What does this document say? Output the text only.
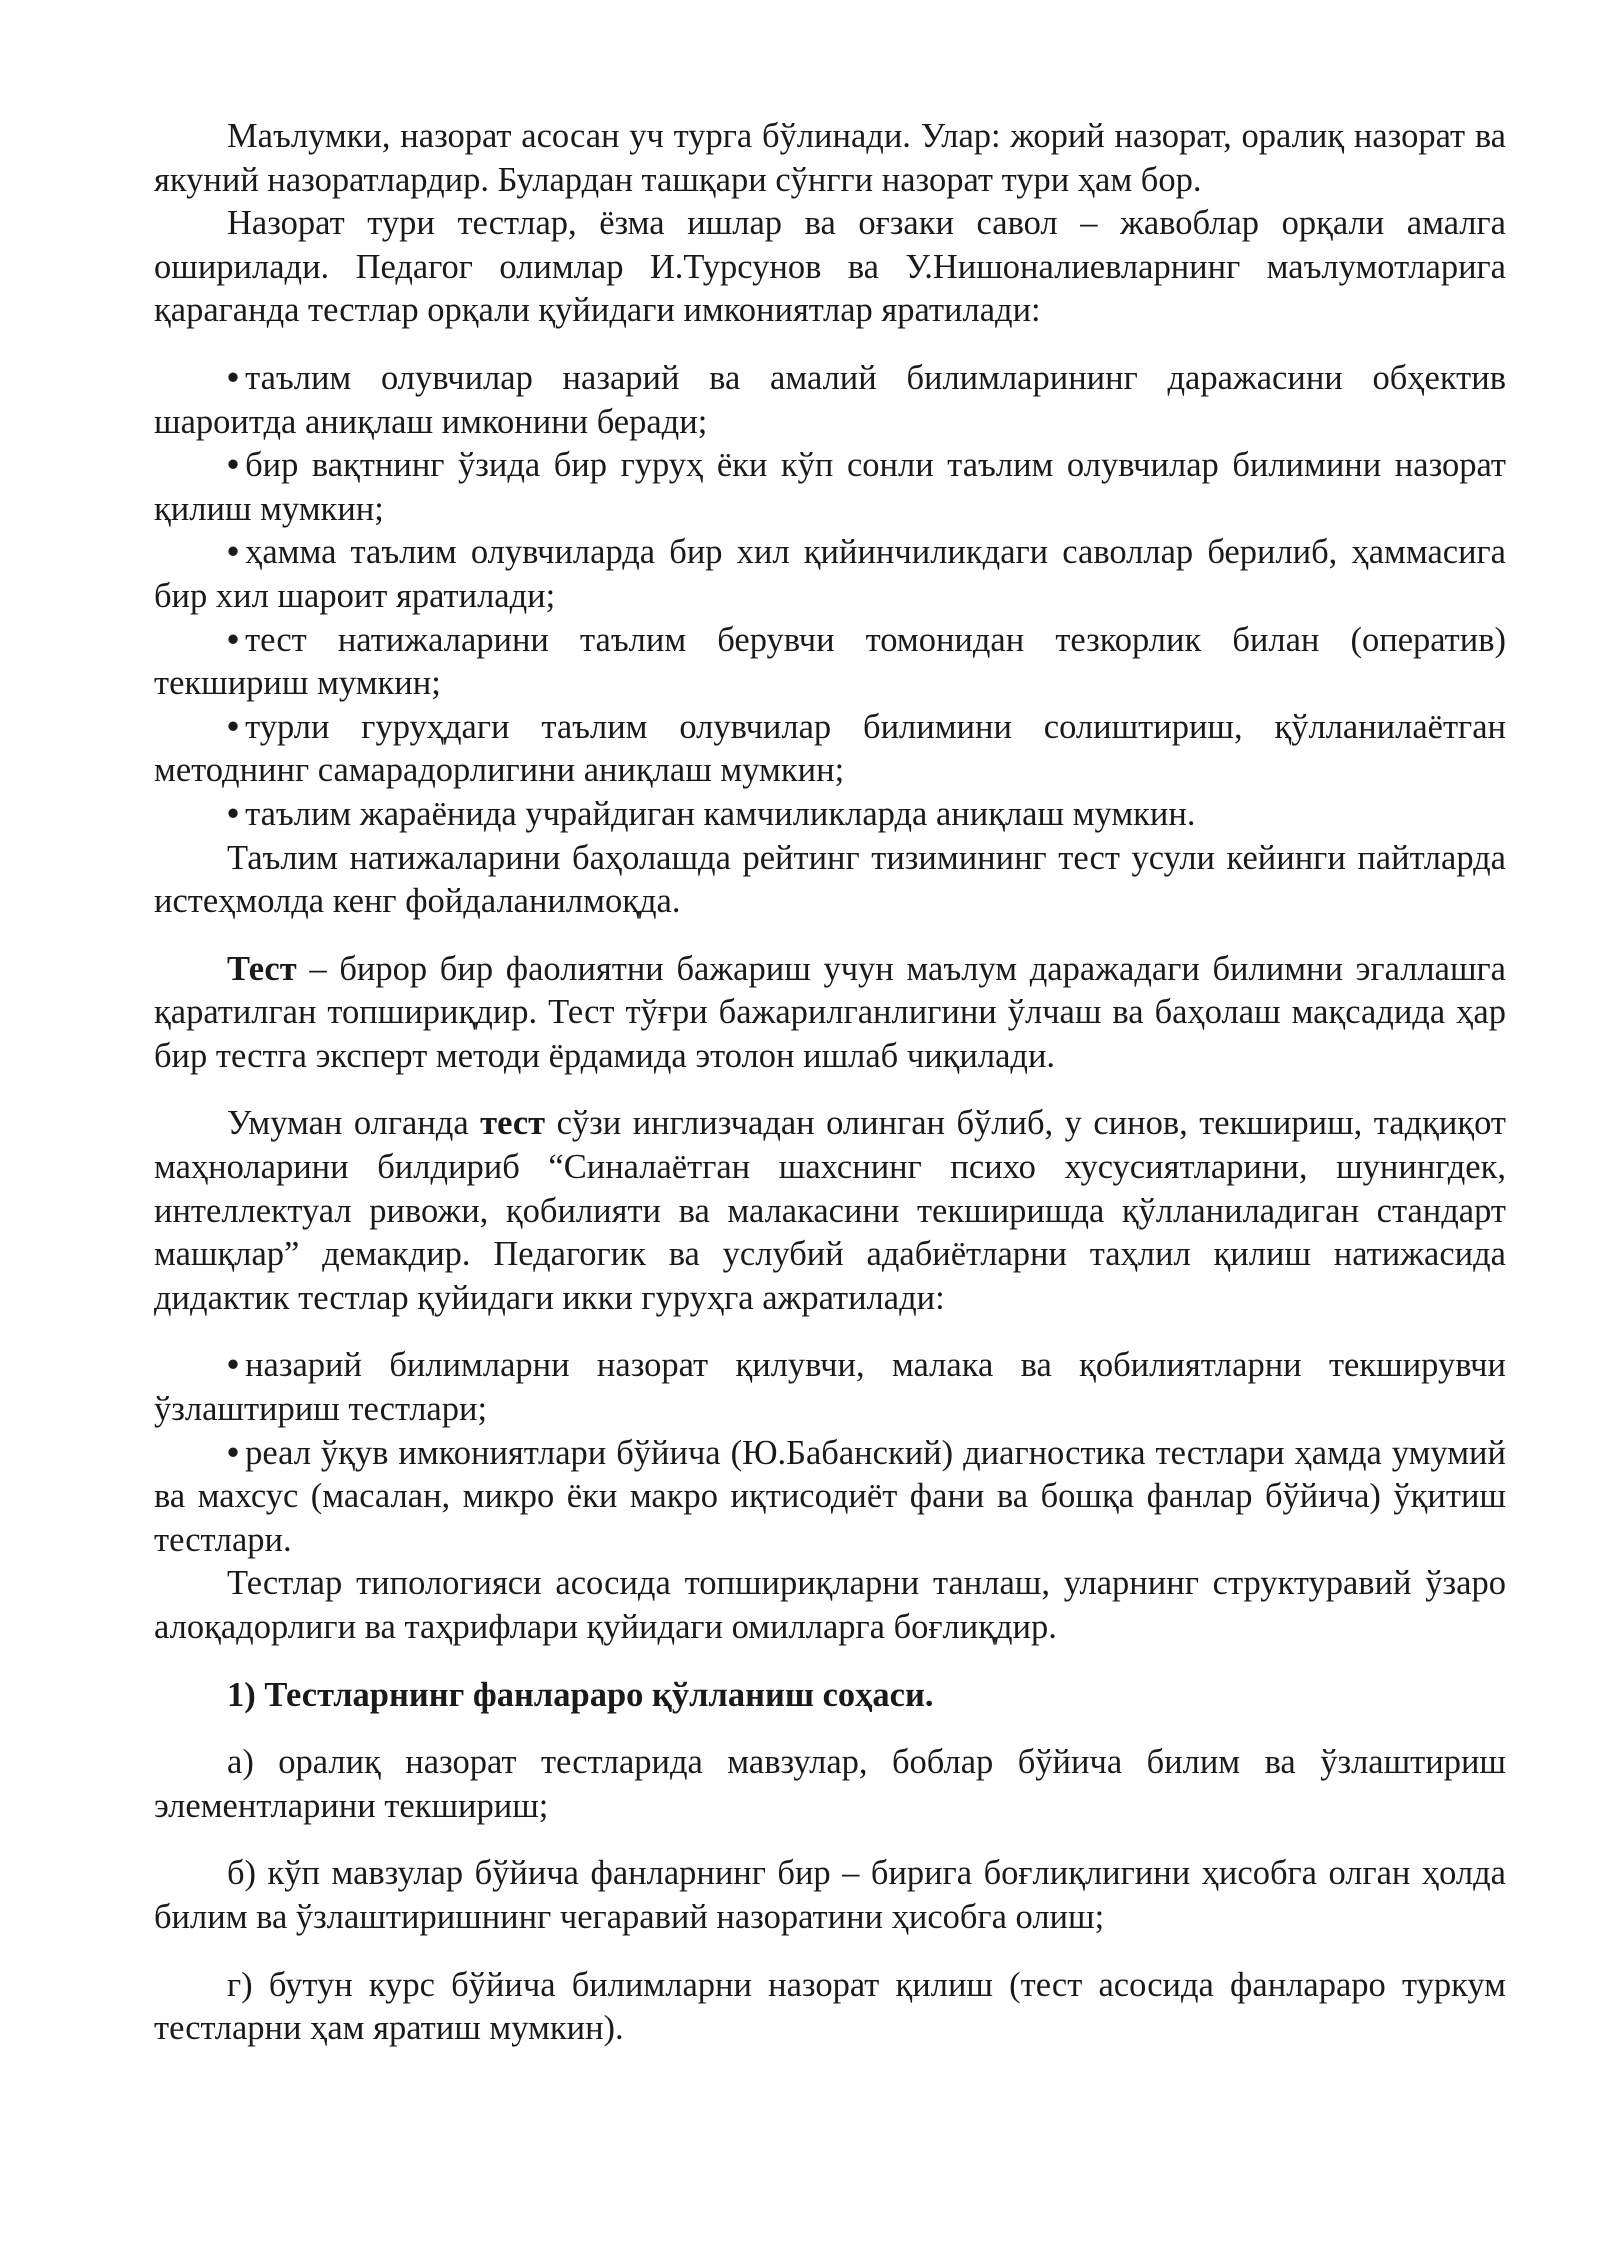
Маълумки, назорат асосан уч турга бўлинади. Улар: жорий назорат, оралиқ назорат ва якуний назоратлардир. Булардан ташқари сўнгги назорат тури ҳам бор.

Назорат тури тестлар, ёзма ишлар ва оғзаки савол – жавоблар орқали амалга оширилади. Педагог олимлар И.Турсунов ва У.Нишоналиевларнинг маълумотларига қараганда тестлар орқали қуйидаги имкониятлар яратилади:

• таълим олувчилар назарий ва амалий билимларининг даражасини обҳектив шароитда аниқлаш имконини беради;

• бир вақтнинг ўзида бир гуруҳ ёки кўп сонли таълим олувчилар билимини назорат қилиш мумкин;

• ҳамма таълим олувчиларда бир хил қийинчиликдаги саволлар берилиб, ҳаммасига бир хил шароит яратилади;

• тест натижаларини таълим берувчи томонидан тезкорлик билан (оператив) текшириш мумкин;

• турли гуруҳдаги таълим олувчилар билимини солиштириш, қўлланилаётган методнинг самарадорлигини аниқлаш мумкин;

• таълим жараёнида учрайдиган камчиликларда аниқлаш мумкин.

Таълим натижаларини баҳолашда рейтинг тизимининг тест усули кейинги пайтларда истеҳмолда кенг фойдаланилмоқда.

Тест – бирор бир фаолиятни бажариш учун маълум даражадаги билимни эгаллашга қаратилган топшириқдир. Тест тўғри бажарилганлигини ўлчаш ва баҳолаш мақсадида ҳар бир тестга эксперт методи ёрдамида этолон ишлаб чиқилади.

Умуман олганда тест сўзи инглизчадан олинган бўлиб, у синов, текшириш, тадқиқот маҳноларини билдириб “Синалаётган шахснинг психо хусусиятларини, шунингдек, интеллектуал ривожи, қобилияти ва малакасини текширишда қўлланиладиган стандарт машқлар” демакдир. Педагогик ва услубий адабиётларни таҳлил қилиш натижасида дидактик тестлар қуйидаги икки гуруҳга ажратилади:

• назарий билимларни назорат қилувчи, малака ва қобилиятларни текширувчи ўзлаштириш тестлари;

• реал ўқув имкониятлари бўйича (Ю.Бабанский) диагностика тестлари ҳамда умумий ва махсус (масалан, микро ёки макро иқтисодиёт фани ва бошқа фанлар бўйича) ўқитиш тестлари.

Тестлар типологияси асосида топшириқларни танлаш, уларнинг структуравий ўзаро алоқадорлиги ва таҳрифлари қуйидаги омилларга боғлиқдир.

1) Тестларнинг фанлараро қўлланиш соҳаси.

а) оралиқ назорат тестларида мавзулар, боблар бўйича билим ва ўзлаштириш элементларини текшириш;

б) кўп мавзулар бўйича фанларнинг бир – бирига боғлиқлигини ҳисобга олган ҳолда билим ва ўзлаштиришнинг чегаравий назоратини ҳисобга олиш;

г) бутун курс бўйича билимларни назорат қилиш (тест асосида фанлараро туркум тестларни ҳам яратиш мумкин).
